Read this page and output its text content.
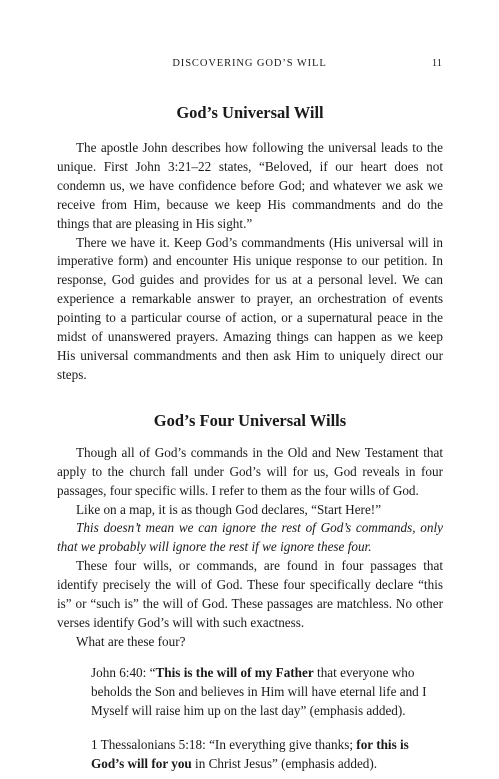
DISCOVERING GOD’S WILL	11
God’s Universal Will

The apostle John describes how following the universal leads to the unique. First John 3:21–22 states, “Beloved, if our heart does not condemn us, we have confidence before God; and whatever we ask we receive from Him, because we keep His commandments and do the things that are pleasing in His sight.”

There we have it. Keep God’s commandments (His universal will in imperative form) and encounter His unique response to our petition. In response, God guides and provides for us at a personal level. We can experience a remarkable answer to prayer, an orchestration of events pointing to a particular course of action, or a supernatural peace in the midst of unanswered prayers. Amazing things can happen as we keep His universal commandments and then ask Him to uniquely direct our steps.

God’s Four Universal Wills

Though all of God’s commands in the Old and New Testament that apply to the church fall under God’s will for us, God reveals in four passages, four specific wills. I refer to them as the four wills of God.

Like on a map, it is as though God declares, “Start Here!”

This doesn’t mean we can ignore the rest of God’s commands, only that we probably will ignore the rest if we ignore these four.

These four wills, or commands, are found in four passages that identify precisely the will of God. These four specifically declare “this is” or “such is” the will of God. These passages are matchless. No other verses identify God’s will with such exactness.

What are these four?

John 6:40: “This is the will of my Father that everyone who beholds the Son and believes in Him will have eternal life and I Myself will raise him up on the last day” (emphasis added).

1 Thessalonians 5:18: “In everything give thanks; for this is God’s will for you in Christ Jesus” (emphasis added).
